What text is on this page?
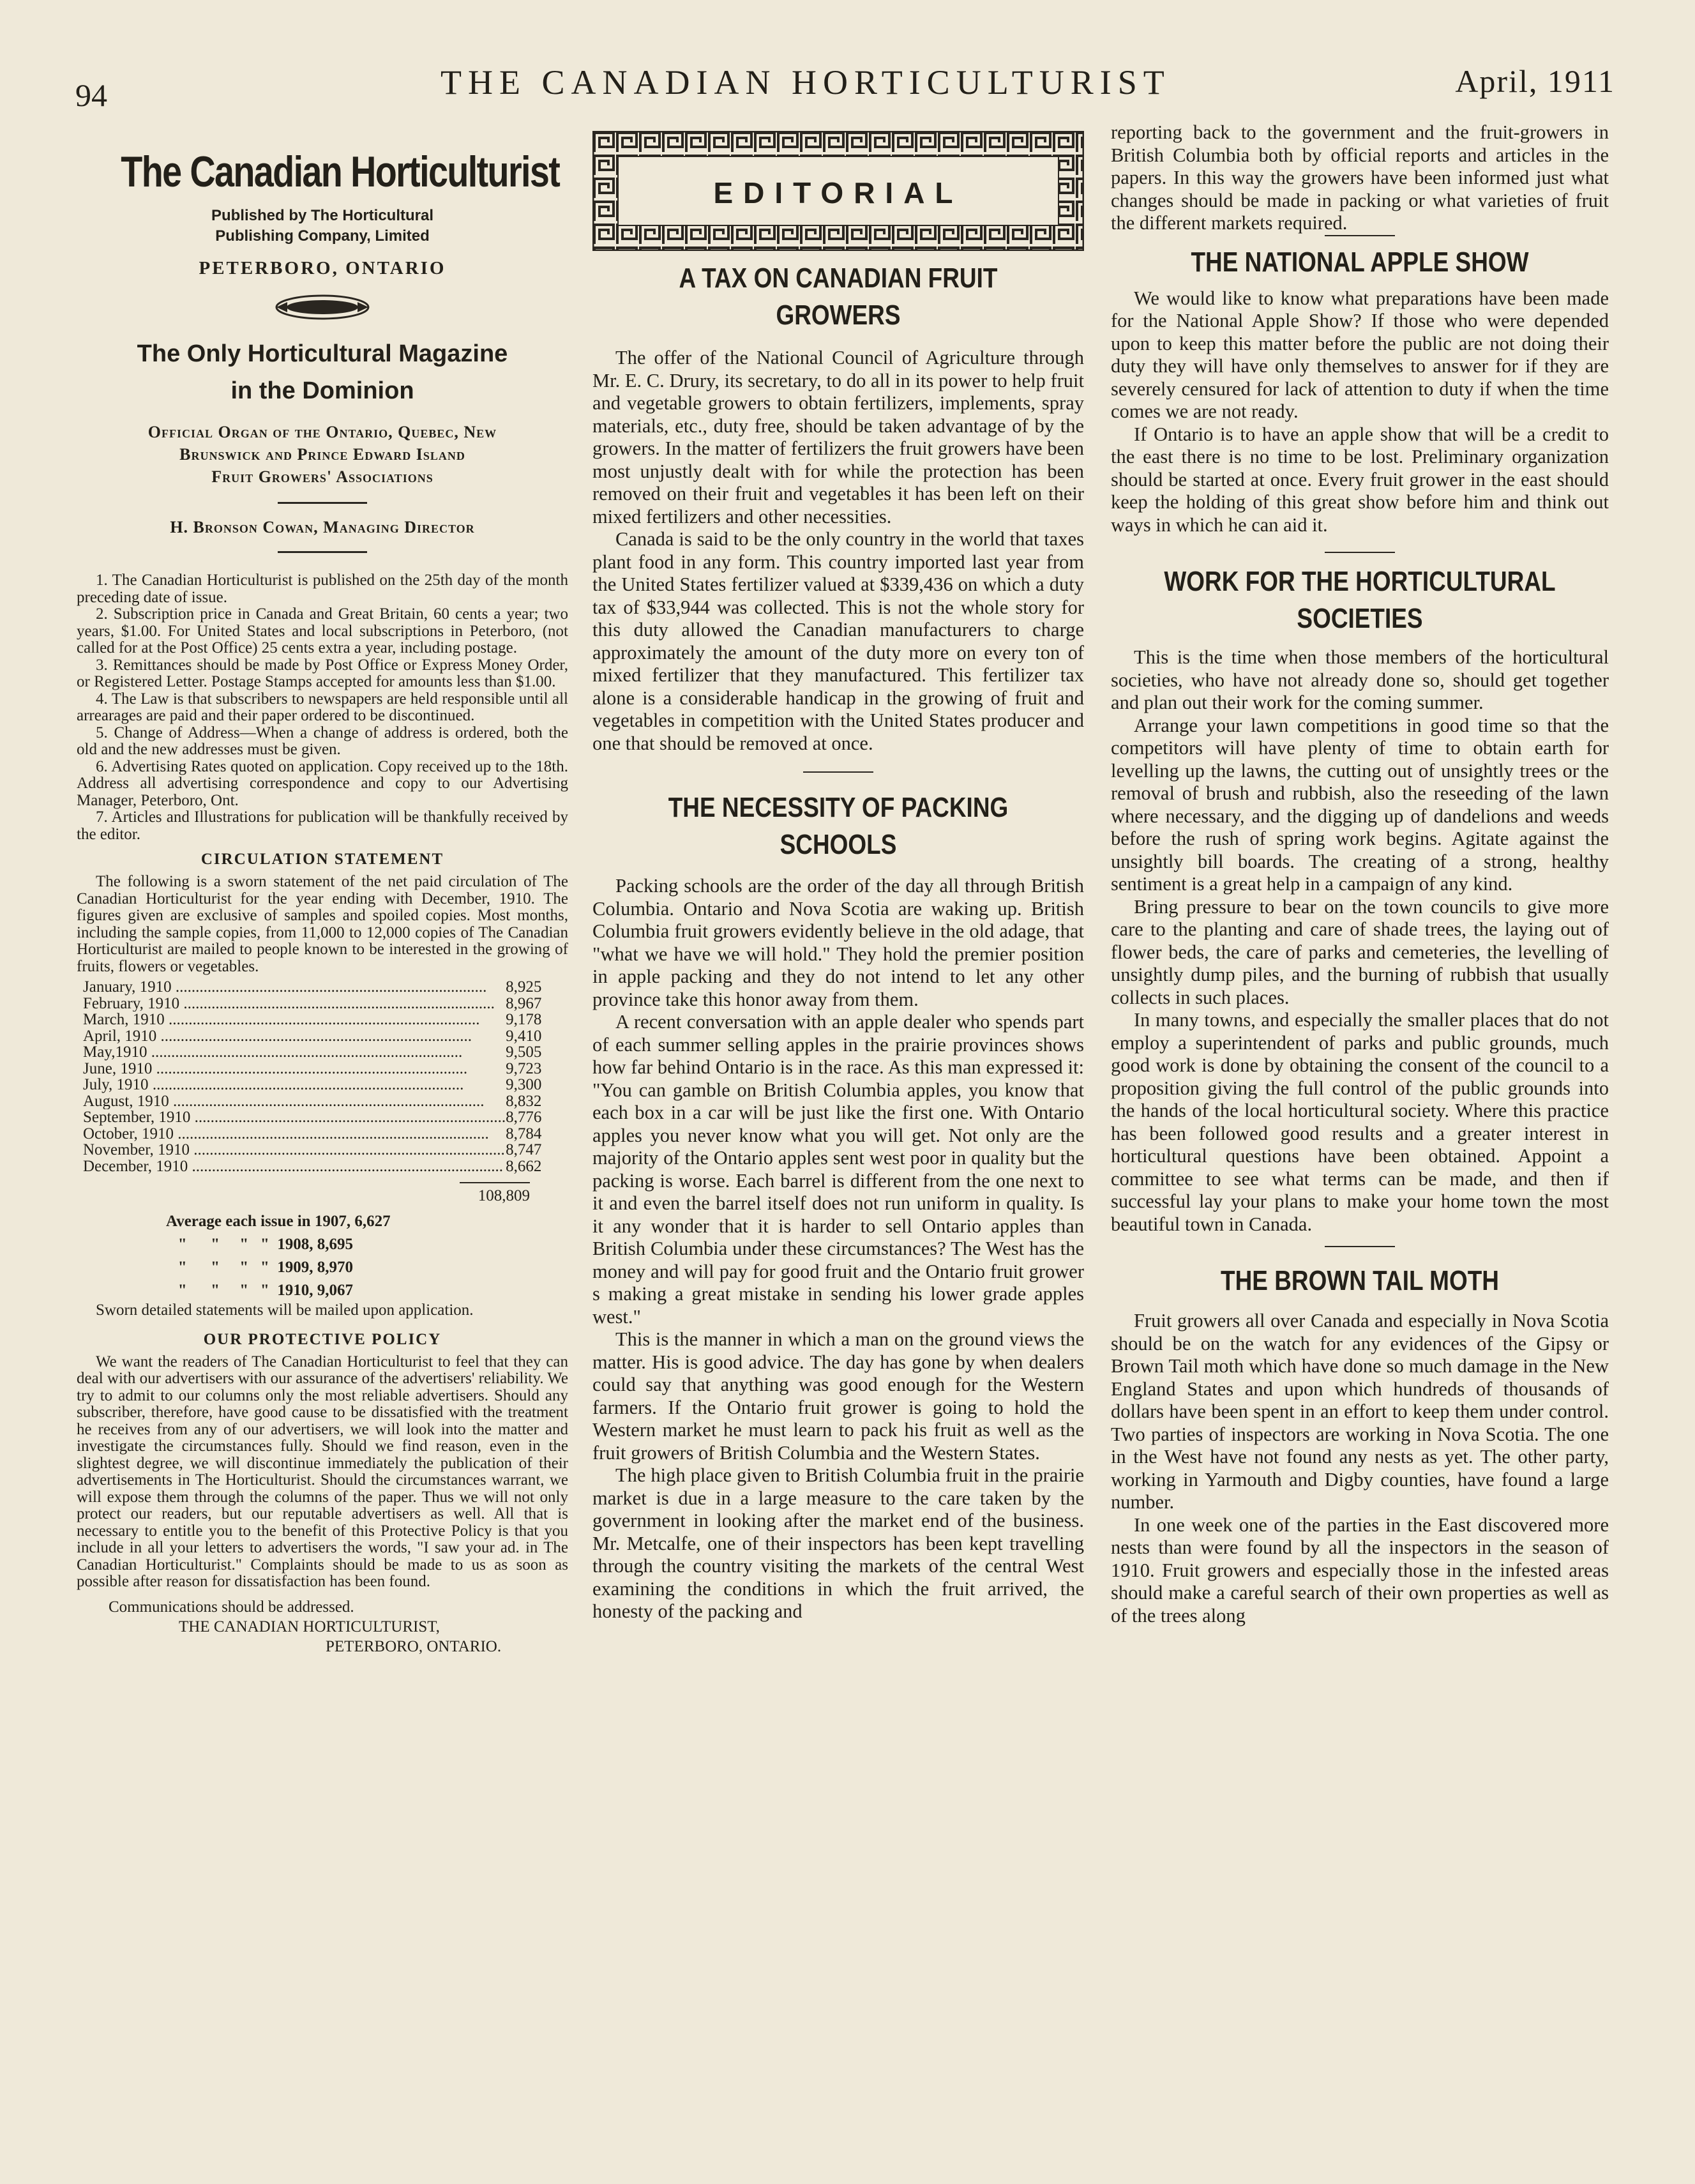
94	THE CANADIAN HORTICULTURIST	April, 1911
The Canadian Horticulturist
Published by The Horticultural
Publishing Company, Limited
PETERBORO, ONTARIO
The Only Horticultural Magazine
in the Dominion
Official Organ of the Ontario, Quebec, New
Brunswick and Prince Edward Island
Fruit Growers' Associations
H. Bronson Cowan, Managing Director
1. The Canadian Horticulturist is published on the 25th day of the month preceding date of issue.
2. Subscription price in Canada and Great Britain, 60 cents a year; two years, $1.00. For United States and local subscriptions in Peterboro, (not called for at the Post Office) 25 cents extra a year, including postage.
3. Remittances should be made by Post Office or Express Money Order, or Registered Letter. Postage Stamps accepted for amounts less than $1.00.
4. The Law is that subscribers to newspapers are held responsible until all arrearages are paid and their paper ordered to be discontinued.
5. Change of Address—When a change of address is ordered, both the old and the new addresses must be given.
6. Advertising Rates quoted on application. Copy received up to the 18th. Address all advertising correspondence and copy to our Advertising Manager, Peterboro, Ont.
7. Articles and Illustrations for publication will be thankfully received by the editor.
CIRCULATION STATEMENT
The following is a sworn statement of the net paid circulation of The Canadian Horticulturist for the year ending with December, 1910. The figures given are exclusive of samples and spoiled copies. Most months, including the sample copies, from 11,000 to 12,000 copies of The Canadian Horticulturist are mailed to people known to be interested in the growing of fruits, flowers or vegetables.
January, 1910 .....	8,925
February, 1910 .....	8,967
March, 1910 .....	9,178
April, 1910 .....	9,410
May,1910 .....	9,505
June, 1910 .....	9,723
July, 1910 .....	9,300
August, 1910 .....	8,832
September, 1910 .....	8,776
October, 1910 .....	8,784
November, 1910 .....	8,747
December, 1910 .....	8,662
108,809
Average each issue in 1907, 6,627
"      "     "   "  1908, 8,695
"      "     "   "  1909, 8,970
"      "     "   "  1910, 9,067
Sworn detailed statements will be mailed upon application.
OUR PROTECTIVE POLICY
We want the readers of The Canadian Horticulturist to feel that they can deal with our advertisers with our assurance of the advertisers' reliability. We try to admit to our columns only the most reliable advertisers. Should any subscriber, therefore, have good cause to be dissatisfied with the treatment he receives from any of our advertisers, we will look into the matter and investigate the circumstances fully. Should we find reason, even in the slightest degree, we will discontinue immediately the publication of their advertisements in The Horticulturist. Should the circumstances warrant, we will expose them through the columns of the paper. Thus we will not only protect our readers, but our reputable advertisers as well. All that is necessary to entitle you to the benefit of this Protective Policy is that you include in all your letters to advertisers the words, "I saw your ad. in The Canadian Horticulturist." Complaints should be made to us as soon as possible after reason for dissatisfaction has been found.
Communications should be addressed.
THE CANADIAN HORTICULTURIST,
PETERBORO, ONTARIO.
EDITORIAL
A TAX ON CANADIAN FRUIT GROWERS

The offer of the National Council of Agriculture through Mr. E. C. Drury, its secretary, to do all in its power to help fruit and vegetable growers to obtain fertilizers, implements, spray materials, etc., duty free, should be taken advantage of by the growers. In the matter of fertilizers the fruit growers have been most unjustly dealt with for while the protection has been removed on their fruit and vegetables it has been left on their mixed fertilizers and other necessities.

Canada is said to be the only country in the world that taxes plant food in any form. This country imported last year from the United States fertilizer valued at $339,436 on which a duty tax of $33,944 was collected. This is not the whole story for this duty allowed the Canadian manufacturers to charge approximately the amount of the duty more on every ton of mixed fertilizer that they manufactured. This fertilizer tax alone is a considerable handicap in the growing of fruit and vegetables in competition with the United States producer and one that should be removed at once.

THE NECESSITY OF PACKING SCHOOLS

Packing schools are the order of the day all through British Columbia. Ontario and Nova Scotia are waking up. British Columbia fruit growers evidently believe in the old adage, that "what we have we will hold." They hold the premier position in apple packing and they do not intend to let any other province take this honor away from them.

A recent conversation with an apple dealer who spends part of each summer selling apples in the prairie provinces shows how far behind Ontario is in the race. As this man expressed it: "You can gamble on British Columbia apples, you know that each box in a car will be just like the first one. With Ontario apples you never know what you will get. Not only are the majority of the Ontario apples sent west poor in quality but the packing is worse. Each barrel is different from the one next to it and even the barrel itself does not run uniform in quality. Is it any wonder that it is harder to sell Ontario apples than British Columbia under these circumstances? The West has the money and will pay for good fruit and the Ontario fruit grower s making a great mistake in sending his lower grade apples west."

This is the manner in which a man on the ground views the matter. His is good advice. The day has gone by when dealers could say that anything was good enough for the Western farmers. If the Ontario fruit grower is going to hold the Western market he must learn to pack his fruit as well as the fruit growers of British Columbia and the Western States.

The high place given to British Columbia fruit in the prairie market is due in a large measure to the care taken by the government in looking after the market end of the business. Mr. Metcalfe, one of their inspectors has been kept travelling through the country visiting the markets of the central West examining the conditions in which the fruit arrived, the honesty of the packing and

reporting back to the government and the fruit-growers in British Columbia both by official reports and articles in the papers. In this way the growers have been informed just what changes should be made in packing or what varieties of fruit the different markets required.

THE NATIONAL APPLE SHOW

We would like to know what preparations have been made for the National Apple Show? If those who were depended upon to keep this matter before the public are not doing their duty they will have only themselves to answer for if they are severely censured for lack of attention to duty if when the time comes we are not ready.

If Ontario is to have an apple show that will be a credit to the east there is no time to be lost. Preliminary organization should be started at once. Every fruit grower in the east should keep the holding of this great show before him and think out ways in which he can aid it.

WORK FOR THE HORTICULTURAL SOCIETIES

This is the time when those members of the horticultural societies, who have not already done so, should get together and plan out their work for the coming summer.

Arrange your lawn competitions in good time so that the competitors will have plenty of time to obtain earth for levelling up the lawns, the cutting out of unsightly trees or the removal of brush and rubbish, also the reseeding of the lawn where necessary, and the digging up of dandelions and weeds before the rush of spring work begins. Agitate against the unsightly bill boards. The creating of a strong, healthy sentiment is a great help in a campaign of any kind.

Bring pressure to bear on the town councils to give more care to the planting and care of shade trees, the laying out of flower beds, the care of parks and cemeteries, the levelling of unsightly dump piles, and the burning of rubbish that usually collects in such places.

In many towns, and especially the smaller places that do not employ a superintendent of parks and public grounds, much good work is done by obtaining the consent of the council to a proposition giving the full control of the public grounds into the hands of the local horticultural society. Where this practice has been followed good results and a greater interest in horticultural questions have been obtained. Appoint a committee to see what terms can be made, and then if successful lay your plans to make your home town the most beautiful town in Canada.

THE BROWN TAIL MOTH

Fruit growers all over Canada and especially in Nova Scotia should be on the watch for any evidences of the Gipsy or Brown Tail moth which have done so much damage in the New England States and upon which hundreds of thousands of dollars have been spent in an effort to keep them under control. Two parties of inspectors are working in Nova Scotia. The one in the West have not found any nests as yet. The other party, working in Yarmouth and Digby counties, have found a large number.

In one week one of the parties in the East discovered more nests than were found by all the inspectors in the season of 1910. Fruit growers and especially those in the infested areas should make a careful search of their own properties as well as of the trees along
